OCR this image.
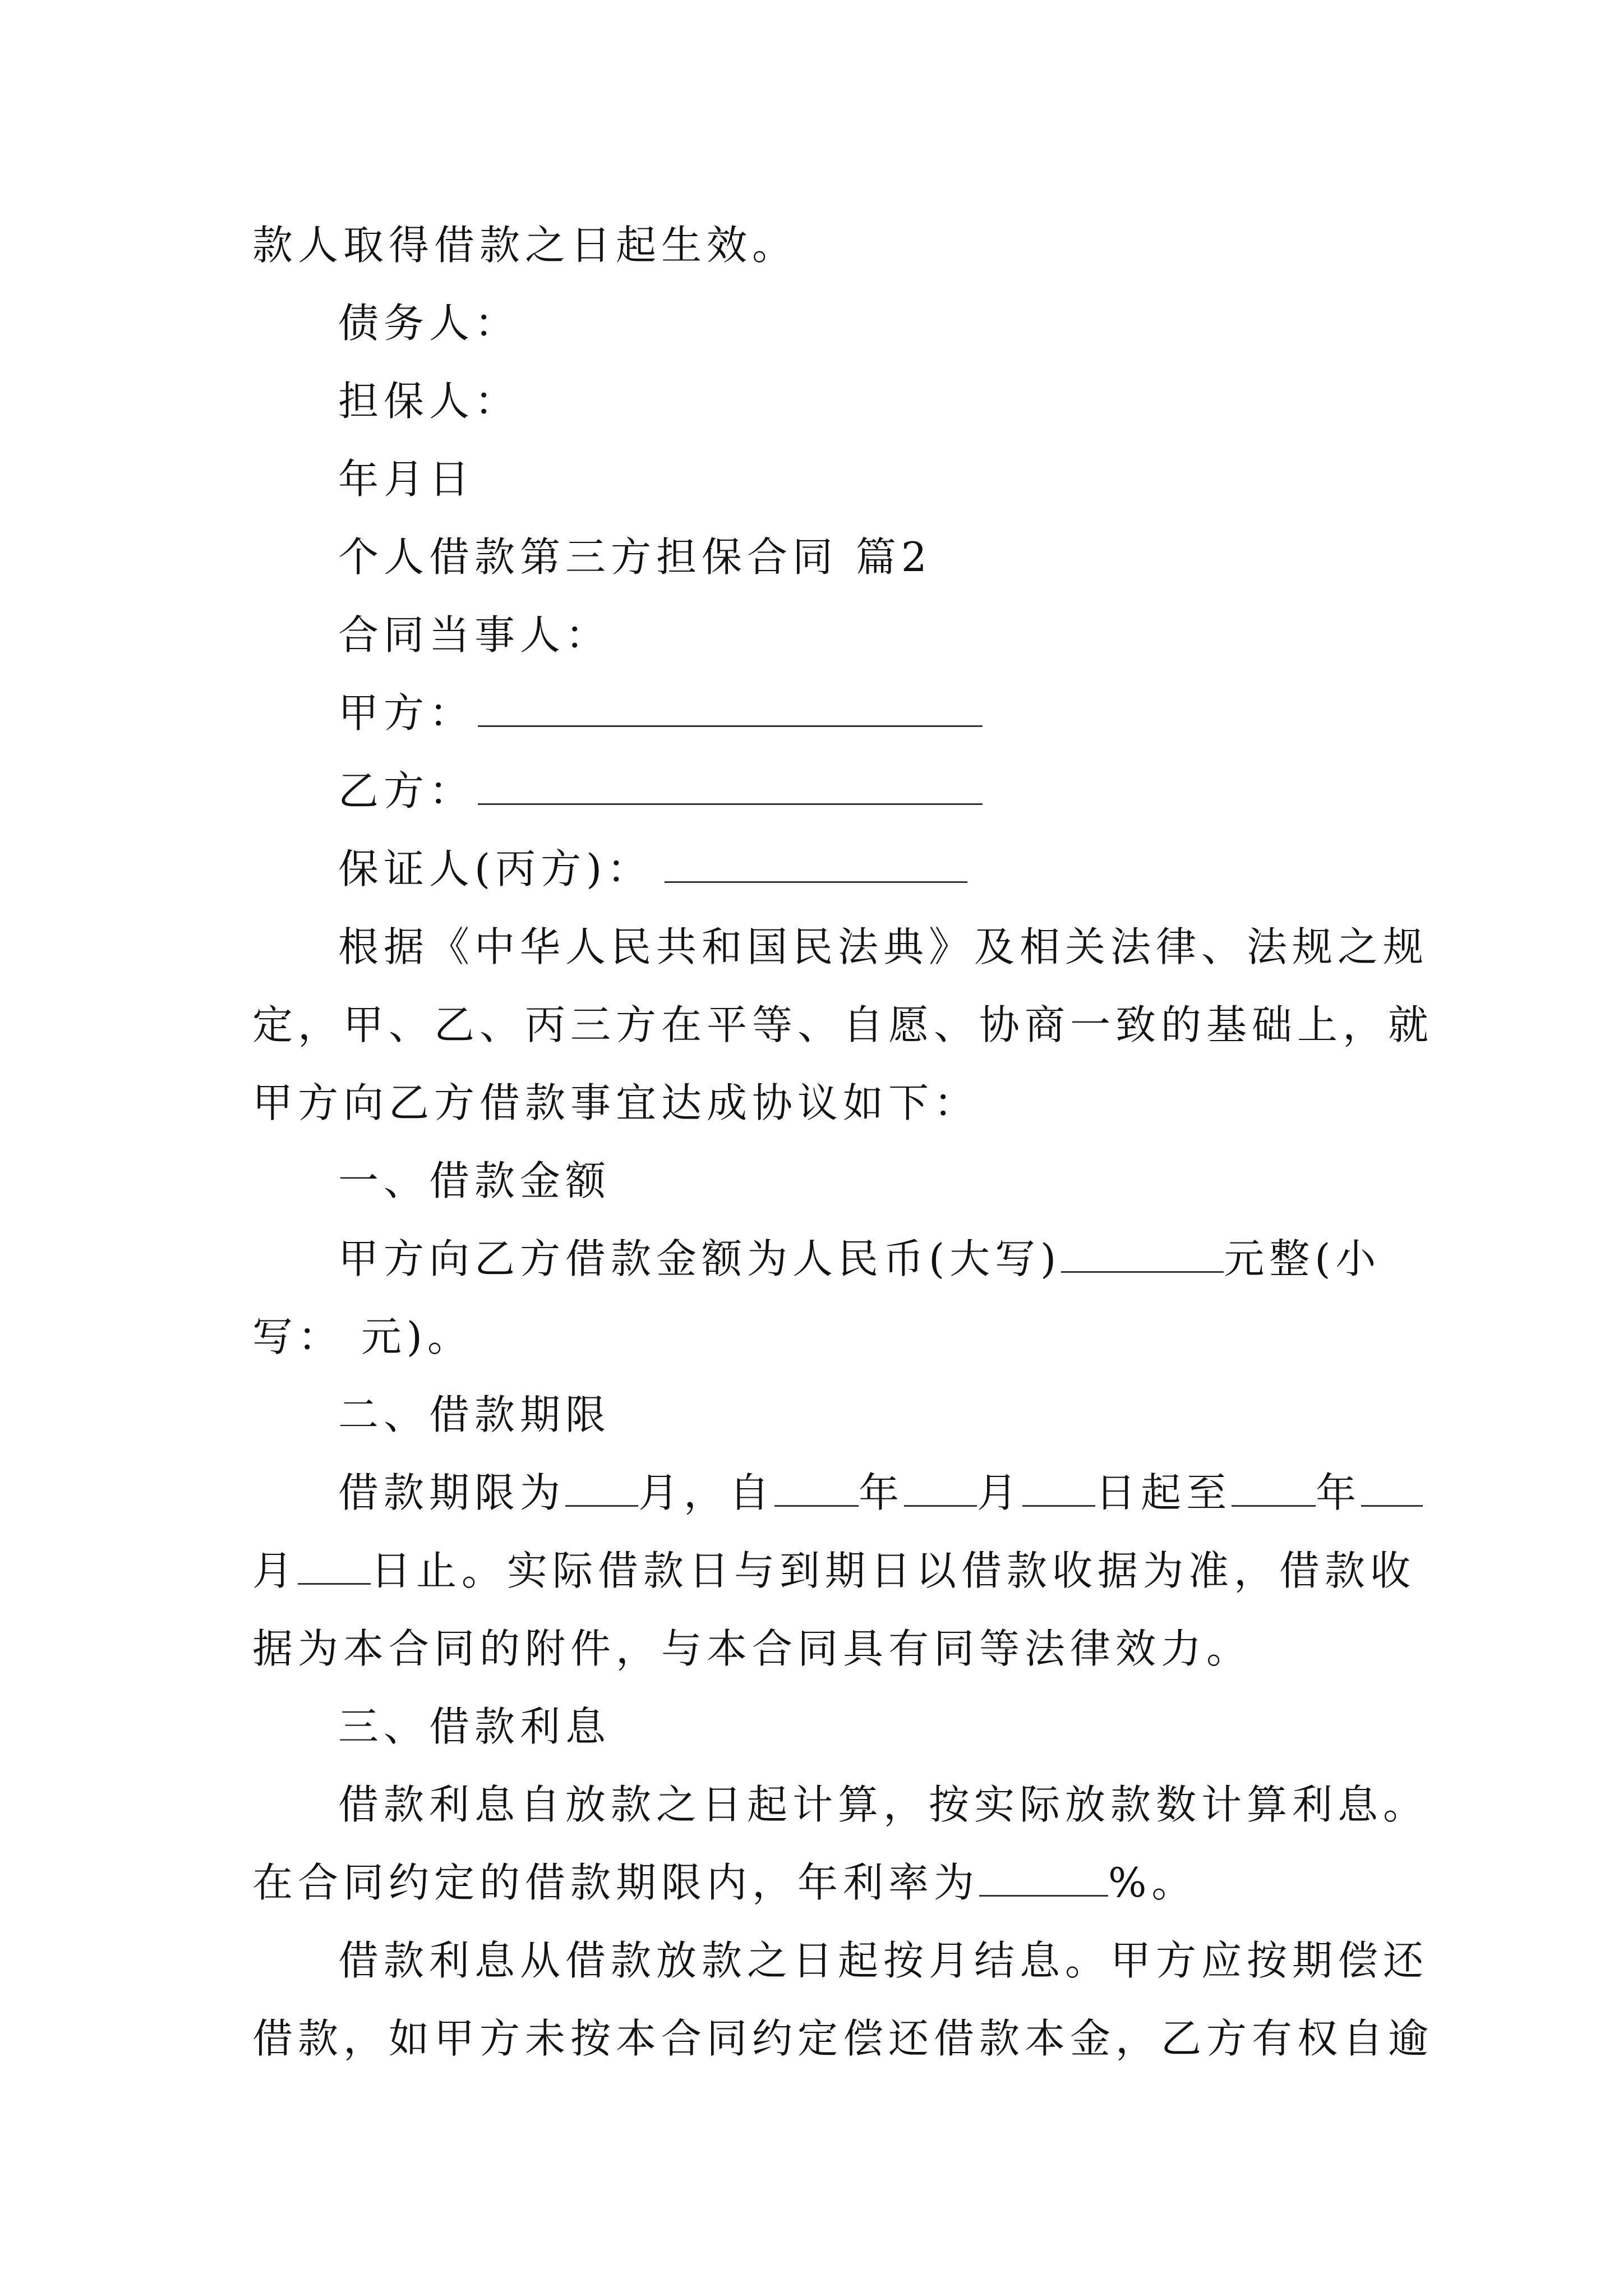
款人取得借款之日起生效。
债务人：
担保人：
年月日
个人借款第三方担保合同 篇2
合同当事人：
甲方：
乙方：
保证人(丙方)：
根据《中华人民共和国民法典》及相关法律、法规之规
定，甲、乙、丙三方在平等、自愿、协商一致的基础上，就
甲方向乙方借款事宜达成协议如下：
一、借款金额
甲方向乙方借款金额为人民币(大写)	元整(小
写： 元)。
二、借款期限
借款期限为 月，自 年 月 日起至 年
月 日止。实际借款日与到期日以借款收据为准，借款收
据为本合同的附件，与本合同具有同等法律效力。
三、借款利息
借款利息自放款之日起计算，按实际放款数计算利息。
在合同约定的借款期限内，年利率为	%。
借款利息从借款放款之日起按月结息。甲方应按期偿还
借款，如甲方未按本合同约定偿还借款本金，乙方有权自逾
